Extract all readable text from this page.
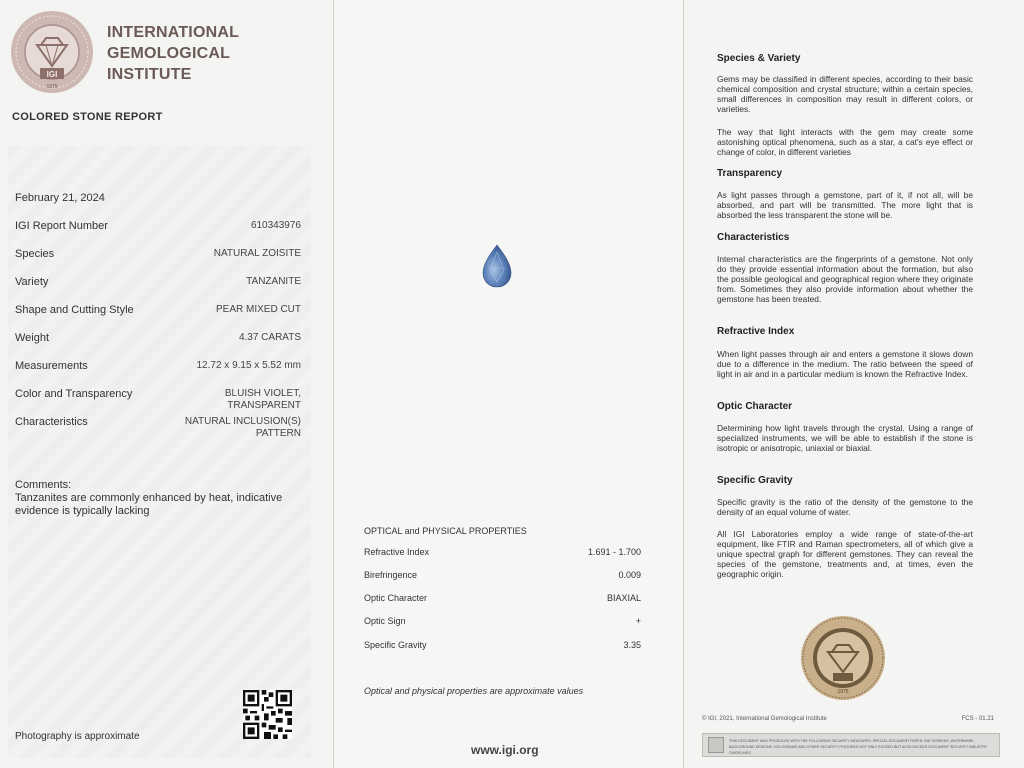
IGI
1975
INTERNATIONAL
GEMOLOGICAL
INSTITUTE
COLORED STONE REPORT
February 21, 2024
IGI Report Number	610343976
Species	NATURAL ZOISITE
Variety	TANZANITE
Shape and Cutting Style	PEAR MIXED CUT
Weight	4.37 CARATS
Measurements	12.72 x 9.15 x 5.52 mm
Color and Transparency	BLUISH VIOLET,
TRANSPARENT
Characteristics	NATURAL INCLUSION(S)
PATTERN
Comments:
Tanzanites are commonly enhanced by heat, indicative evidence is typically lacking
Photography is approximate
OPTICAL and PHYSICAL PROPERTIES
Refractive Index	1.691 - 1.700
Birefringence	0.009
Optic Character	BIAXIAL
Optic Sign	+
Specific Gravity	3.35
Optical and physical properties are approximate values
www.igi.org
Species & Variety
Gems may be classified in different species, according to their basic chemical composition and crystal structure; within a certain species, small differences in composition may result in different colors, or varieties.
The way that light interacts with the gem may create some astonishing optical phenomena, such as a star, a cat's eye effect or change of color, in different varieties
Transparency
As light passes through a gemstone, part of it, if not all, will be absorbed, and part will be transmitted. The more light that is absorbed the less transparent the stone will be.
Characteristics
Internal characteristics are the fingerprints of a gemstone. Not only do they provide essential information about the formation, but also the possible geological and geographical region where they originate from. Sometimes they also provide information about whether the gemstone has been treated.
Refractive Index
When light passes through air and enters a gemstone it slows down due to a difference in the medium. The ratio between the speed of light in air and in a particular medium is known the Refractive Index.
Optic Character
Determining how light travels through the crystal. Using a range of specialized instruments, we will be able to establish if the stone is isotropic or anisotropic, uniaxial or biaxial.
Specific Gravity
Specific gravity is the ratio of the density of the gemstone to the density of an equal volume of water.
All IGI Laboratories employ a wide range of state-of-the-art equipment, like FTIR and Raman spectrometers, all of which give a unique spectral graph for different gemstones. They can reveal the species of the gemstone, treatments and, at times, even the geographic origin.
1975
© IGI, 2021, International Gemological Institute	FCS - 01.21
THIS DOCUMENT WAS PRODUCED WITH THE FOLLOWING SECURITY MEASURES: SPECIAL DOCUMENT PAPER, INK SCREENS, WATERMARK, BACKGROUND DESIGNS, HOLOGRAMS AND OTHER SECURITY FEATURES NOT ONLY EXCEED BUT ALSO EXCEED DOCUMENT SECURITY INDUSTRY GUIDELINES.
